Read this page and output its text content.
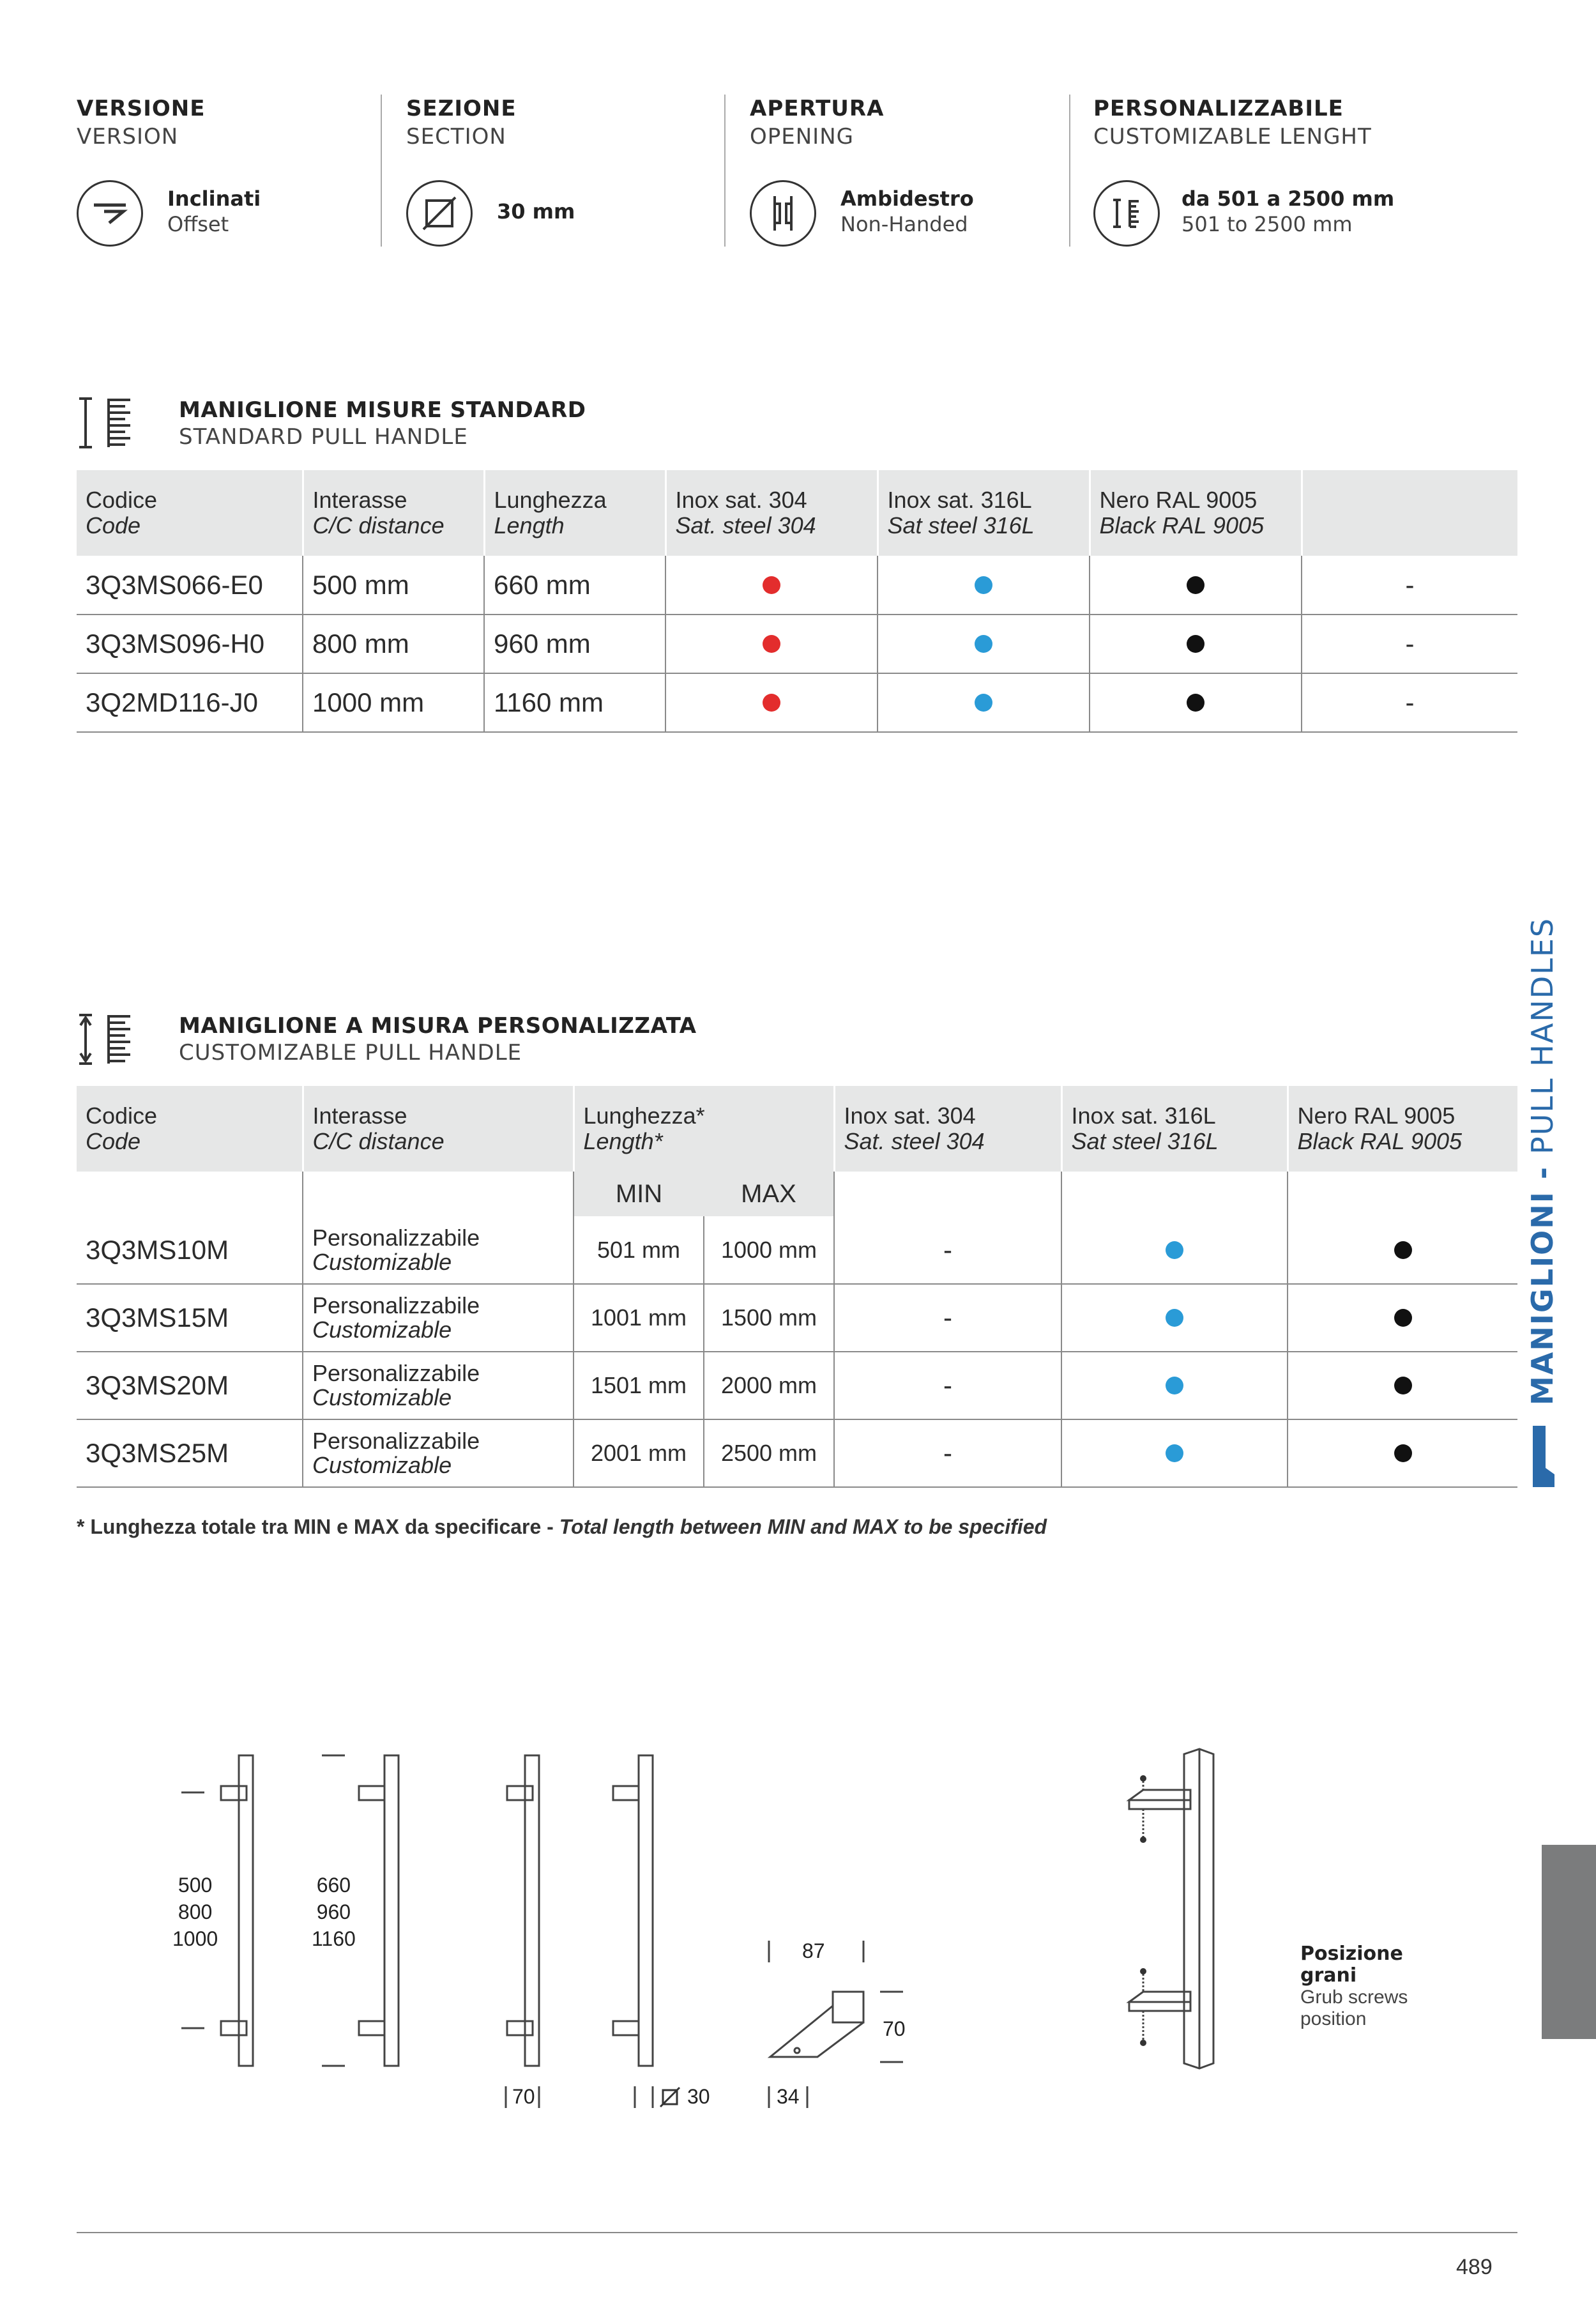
VERSIONE
VERSION
Inclinati
Offset
SEZIONE
SECTION
30 mm
APERTURA
OPENING
Ambidestro
Non-Handed
PERSONALIZZABILE
CUSTOMIZABLE LENGHT
da 501 a 2500 mm
501 to 2500 mm
MANIGLIONE MISURE STANDARD
STANDARD PULL HANDLE
Codice
Code	Interasse
C/C distance	Lunghezza
Length	Inox sat. 304
Sat. steel 304	Inox sat. 316L
Sat steel 316L	Nero RAL 9005
Black RAL 9005	

3Q3MS066-E0	500 mm	660 mm				-
3Q3MS096-H0	800 mm	960 mm				-
3Q2MD116-J0	1000 mm	1160 mm				-
MANIGLIONE A MISURA PERSONALIZZATA
CUSTOMIZABLE PULL HANDLE
Codice
Code	Interasse
C/C distance	Lunghezza*
Length*		Inox sat. 304
Sat. steel 304	Inox sat. 316L
Sat steel 316L	Nero RAL 9005
Black RAL 9005

		MIN	MAX			
3Q3MS10M	Personalizzabile
Customizable	501 mm	1000 mm	-		
3Q3MS15M	Personalizzabile
Customizable	1001 mm	1500 mm	-		
3Q3MS20M	Personalizzabile
Customizable	1501 mm	2000 mm	-		
3Q3MS25M	Personalizzabile
Customizable	2001 mm	2500 mm	-		
* Lunghezza totale tra MIN e MAX da specificare - Total length between MIN and MAX to be specified
MANIGLIONI - PULL HANDLES
500
800
1000
660
960
1160
70	30
87
70
34
Posizione
grani
Grub screws
position
489
